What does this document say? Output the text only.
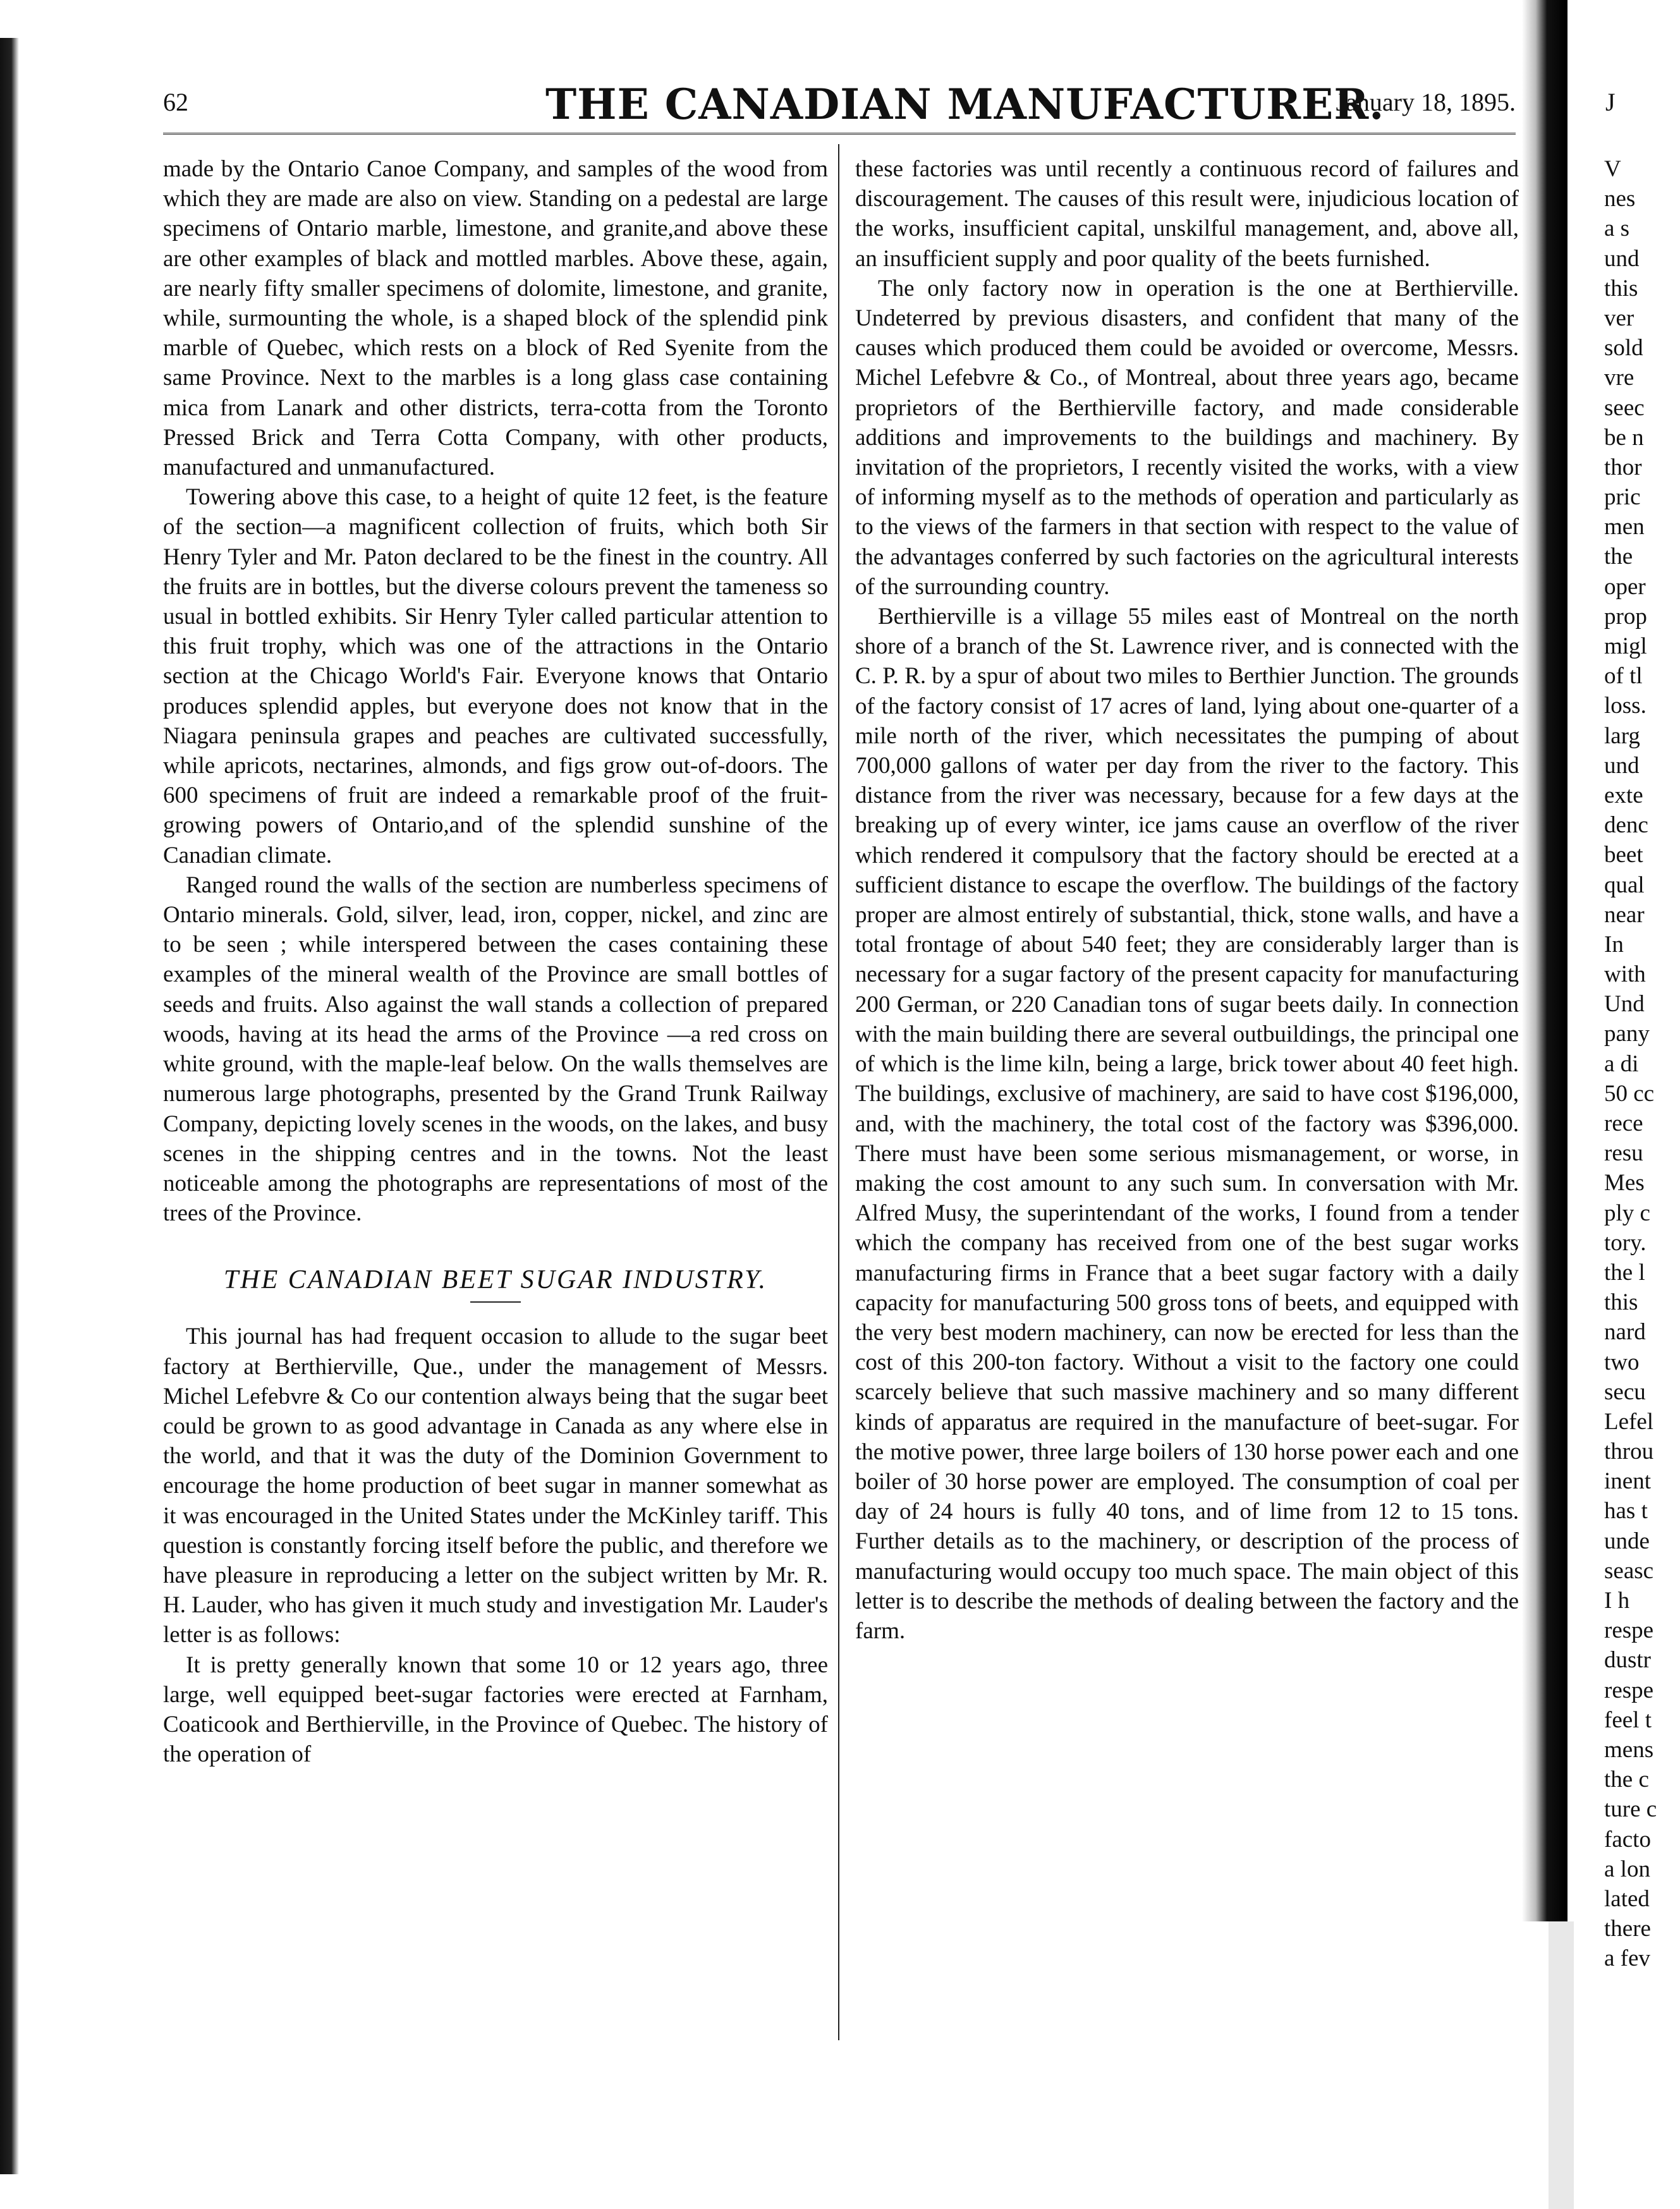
62	THE CANADIAN MANUFACTURER.
January 18, 1895.

made by the Ontario Canoe Company, and samples of the wood from which they are made are also on view. Standing on a pedestal are large specimens of Ontario marble, limestone, and granite,and above these are other examples of black and mottled marbles. Above these, again, are nearly fifty smaller specimens of dolomite, limestone, and granite, while, surmounting the whole, is a shaped block of the splendid pink marble of Quebec, which rests on a block of Red Syenite from the same Province. Next to the marbles is a long glass case containing mica from Lanark and other districts, terra-cotta from the Toronto Pressed Brick and Terra Cotta Company, with other products, manufactured and unmanufactured.

Towering above this case, to a height of quite 12 feet, is the feature of the section—a magnificent collection of fruits, which both Sir Henry Tyler and Mr. Paton declared to be the finest in the country. All the fruits are in bottles, but the diverse colours prevent the tameness so usual in bottled exhibits. Sir Henry Tyler called particular attention to this fruit trophy, which was one of the attractions in the Ontario section at the Chicago World's Fair. Everyone knows that Ontario produces splendid apples, but everyone does not know that in the Niagara peninsula grapes and peaches are cultivated successfully, while apricots, nectarines, almonds, and figs grow out-of-doors. The 600 specimens of fruit are indeed a remarkable proof of the fruit-growing powers of Ontario,and of the splendid sunshine of the Canadian climate.

Ranged round the walls of the section are numberless specimens of Ontario minerals. Gold, silver, lead, iron, copper, nickel, and zinc are to be seen ; while interspered between the cases containing these examples of the mineral wealth of the Province are small bottles of seeds and fruits. Also against the wall stands a collection of prepared woods, having at its head the arms of the Province —a red cross on white ground, with the maple-leaf below. On the walls themselves are numerous large photographs, presented by the Grand Trunk Railway Company, depicting lovely scenes in the woods, on the lakes, and busy scenes in the shipping centres and in the towns. Not the least noticeable among the photographs are representations of most of the trees of the Province.

THE CANADIAN BEET SUGAR INDUSTRY.

This journal has had frequent occasion to allude to the sugar beet factory at Berthierville, Que., under the management of Messrs. Michel Lefebvre & Co our contention always being that the sugar beet could be grown to as good advantage in Canada as any where else in the world, and that it was the duty of the Dominion Government to encourage the home production of beet sugar in manner somewhat as it was encouraged in the United States under the McKinley tariff. This question is constantly forcing itself before the public, and therefore we have pleasure in reproducing a letter on the subject written by Mr. R. H. Lauder, who has given it much study and investigation Mr. Lauder's letter is as follows:

It is pretty generally known that some 10 or 12 years ago, three large, well equipped beet-sugar factories were erected at Farnham, Coaticook and Berthierville, in the Province of Quebec. The history of the operation of

these factories was until recently a continuous record of failures and discouragement. The causes of this result were, injudicious location of the works, insufficient capital, unskilful management, and, above all, an insufficient supply and poor quality of the beets furnished.

The only factory now in operation is the one at Berthierville. Undeterred by previous disasters, and confident that many of the causes which produced them could be avoided or overcome, Messrs. Michel Lefebvre & Co., of Montreal, about three years ago, became proprietors of the Berthierville factory, and made considerable additions and improvements to the buildings and machinery. By invitation of the proprietors, I recently visited the works, with a view of informing myself as to the methods of operation and particularly as to the views of the farmers in that section with respect to the value of the advantages conferred by such factories on the agricultural interests of the surrounding country.

Berthierville is a village 55 miles east of Montreal on the north shore of a branch of the St. Lawrence river, and is connected with the C. P. R. by a spur of about two miles to Berthier Junction. The grounds of the factory consist of 17 acres of land, lying about one-quarter of a mile north of the river, which necessitates the pumping of about 700,000 gallons of water per day from the river to the factory. This distance from the river was necessary, because for a few days at the breaking up of every winter, ice jams cause an overflow of the river which rendered it compulsory that the factory should be erected at a sufficient distance to escape the overflow. The buildings of the factory proper are almost entirely of substantial, thick, stone walls, and have a total frontage of about 540 feet; they are considerably larger than is necessary for a sugar factory of the present capacity for manufacturing 200 German, or 220 Canadian tons of sugar beets daily. In connection with the main building there are several outbuildings, the principal one of which is the lime kiln, being a large, brick tower about 40 feet high. The buildings, exclusive of machinery, are said to have cost $196,000, and, with the machinery, the total cost of the factory was $396,000. There must have been some serious mismanagement, or worse, in making the cost amount to any such sum. In conversation with Mr. Alfred Musy, the superintendant of the works, I found from a tender which the company has received from one of the best sugar works manufacturing firms in France that a beet sugar factory with a daily capacity for manufacturing 500 gross tons of beets, and equipped with the very best modern machinery, can now be erected for less than the cost of this 200-ton factory. Without a visit to the factory one could scarcely believe that such massive machinery and so many different kinds of apparatus are required in the manufacture of beet-sugar. For the motive power, three large boilers of 130 horse power each and one boiler of 30 horse power are employed. The consumption of coal per day of 24 hours is fully 40 tons, and of lime from 12 to 15 tons. Further details as to the machinery, or description of the process of manufacturing would occupy too much space. The main object of this letter is to describe the methods of dealing between the factory and the farm.

J
V
nes
a s
und
this
ver
sold
vre
seec
be n
thor
pric
men
the
oper
prop
migl
of tl
loss.
larg
und
exte
denc
beet
qual
near
In
with
Und
pany
a di
50 cc
rece
resu
Mes
ply c
tory.
the l
this
nard
two
secu
Lefel
throu
inent
has t
unde
seasc
I h
respe
dustr
respe
feel t
mens
the c
ture c
facto
a lon
lated
there
a fev
